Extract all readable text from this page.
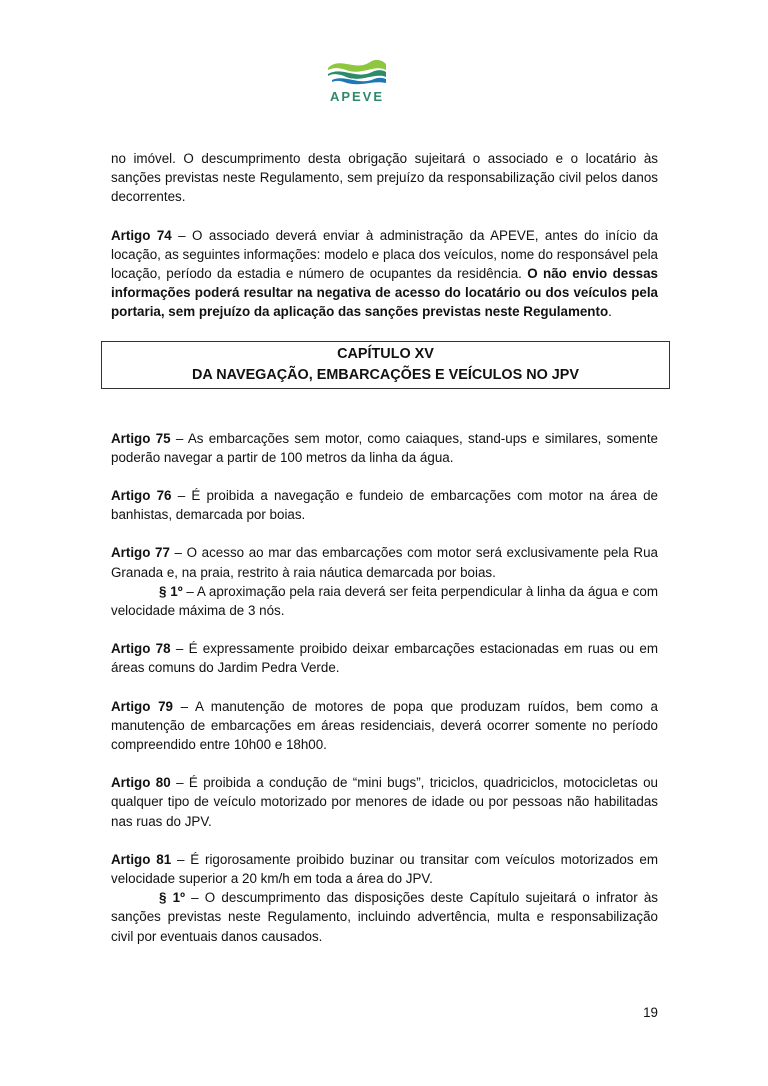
APEVE

no imóvel. O descumprimento desta obrigação sujeitará o associado e o locatário às sanções previstas neste Regulamento, sem prejuízo da responsabilização civil pelos danos decorrentes.

Artigo 74 – O associado deverá enviar à administração da APEVE, antes do início da locação, as seguintes informações: modelo e placa dos veículos, nome do responsável pela locação, período da estadia e número de ocupantes da residência. O não envio dessas informações poderá resultar na negativa de acesso do locatário ou dos veículos pela portaria, sem prejuízo da aplicação das sanções previstas neste Regulamento.

CAPÍTULO XV
DA NAVEGAÇÃO, EMBARCAÇÕES E VEÍCULOS NO JPV

Artigo 75 – As embarcações sem motor, como caiaques, stand-ups e similares, somente poderão navegar a partir de 100 metros da linha da água.

Artigo 76 – É proibida a navegação e fundeio de embarcações com motor na área de banhistas, demarcada por boias.

Artigo 77 – O acesso ao mar das embarcações com motor será exclusivamente pela Rua Granada e, na praia, restrito à raia náutica demarcada por boias.

§ 1º – A aproximação pela raia deverá ser feita perpendicular à linha da água e com velocidade máxima de 3 nós.

Artigo 78 – É expressamente proibido deixar embarcações estacionadas em ruas ou em áreas comuns do Jardim Pedra Verde.

Artigo 79 – A manutenção de motores de popa que produzam ruídos, bem como a manutenção de embarcações em áreas residenciais, deverá ocorrer somente no período compreendido entre 10h00 e 18h00.

Artigo 80 – É proibida a condução de “mini bugs”, triciclos, quadriciclos, motocicletas ou qualquer tipo de veículo motorizado por menores de idade ou por pessoas não habilitadas nas ruas do JPV.

Artigo 81 – É rigorosamente proibido buzinar ou transitar com veículos motorizados em velocidade superior a 20 km/h em toda a área do JPV.

§ 1º – O descumprimento das disposições deste Capítulo sujeitará o infrator às sanções previstas neste Regulamento, incluindo advertência, multa e responsabilização civil por eventuais danos causados.

19
